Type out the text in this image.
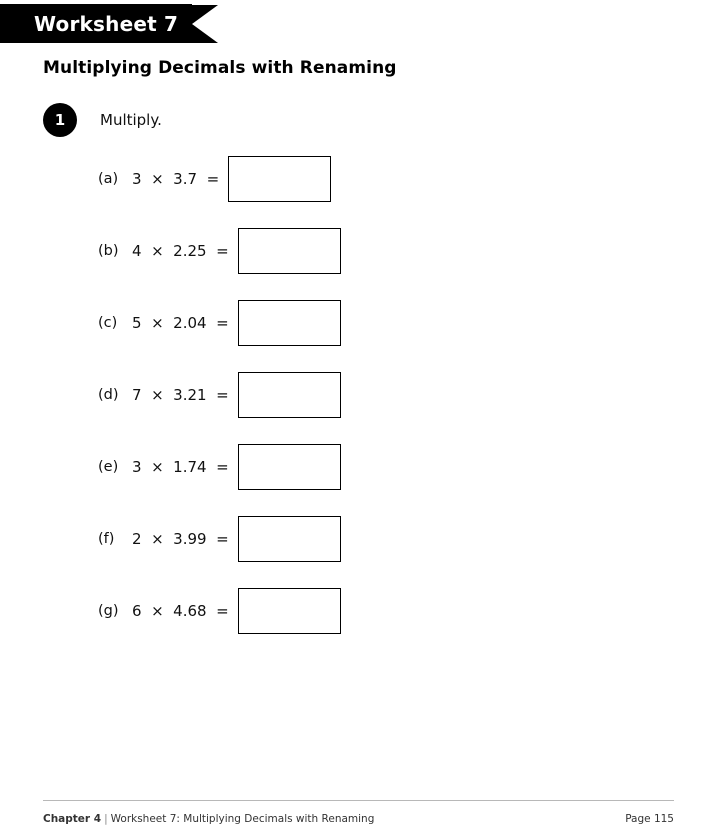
Worksheet 7
Multiplying Decimals with Renaming
1	Multiply.
(a) 3  ×  3.7  =
(b) 4  ×  2.25  =
(c) 5  ×  2.04  =
(d) 7  ×  3.21  =
(e) 3  ×  1.74  =
(f)	2  ×  3.99  =
(g) 6  ×  4.68  =
Chapter 4 | Worksheet 7: Multiplying Decimals with Renaming	Page 115
